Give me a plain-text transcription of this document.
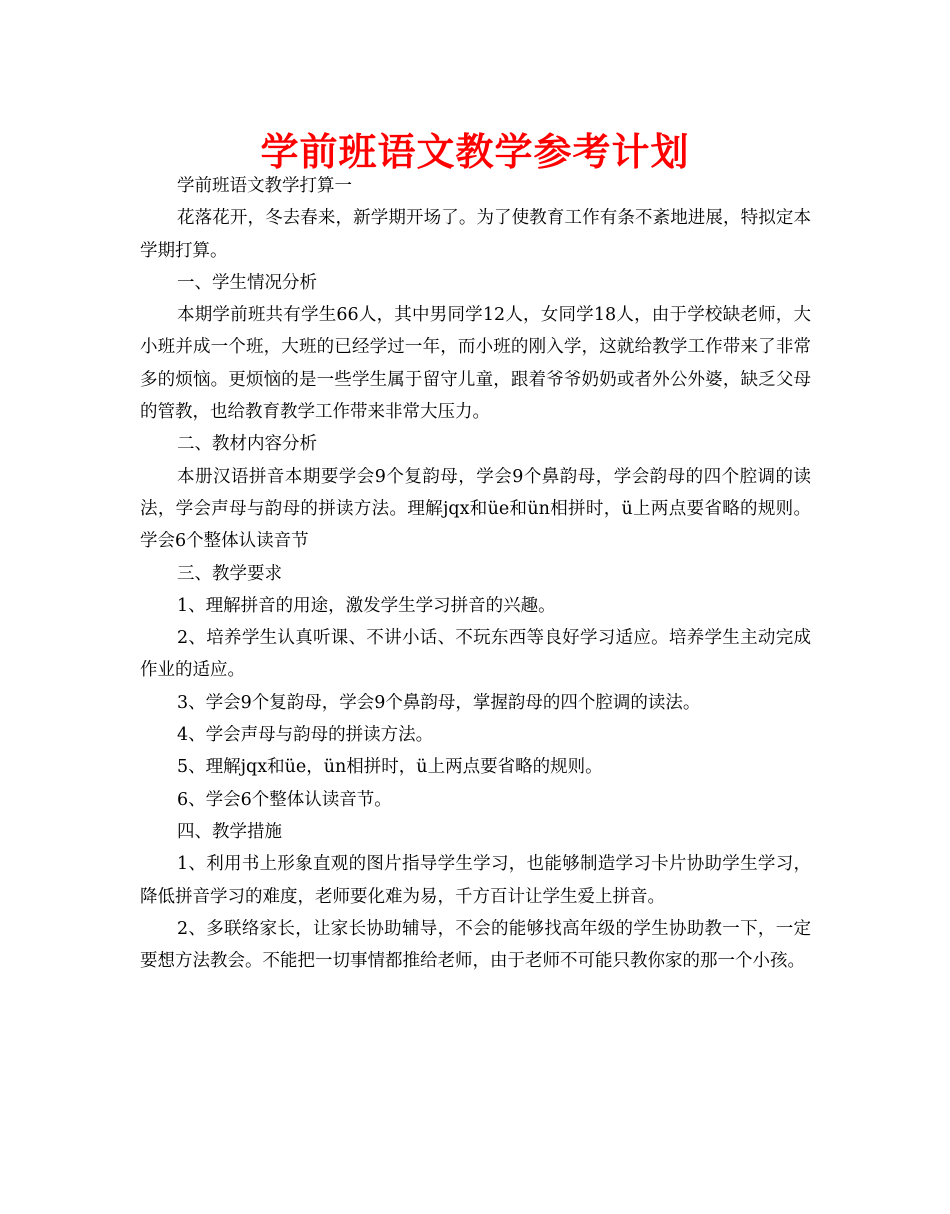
学前班语文教学参考计划

学前班语文教学打算一

花落花开，冬去春来，新学期开场了。为了使教育工作有条不紊地进展，特拟定本学期打算。

一、学生情况分析

本期学前班共有学生66人，其中男同学12人，女同学18人，由于学校缺老师，大小班并成一个班，大班的已经学过一年，而小班的刚入学，这就给教学工作带来了非常多的烦恼。更烦恼的是一些学生属于留守儿童，跟着爷爷奶奶或者外公外婆，缺乏父母的管教，也给教育教学工作带来非常大压力。

二、教材内容分析

本册汉语拼音本期要学会9个复韵母，学会9个鼻韵母，学会韵母的四个腔调的读法，学会声母与韵母的拼读方法。理解jqx和üe和ün相拼时，ü上两点要省略的规则。学会6个整体认读音节

三、教学要求

1、理解拼音的用途，激发学生学习拼音的兴趣。

2、培养学生认真听课、不讲小话、不玩东西等良好学习适应。培养学生主动完成作业的适应。

3、学会9个复韵母，学会9个鼻韵母，掌握韵母的四个腔调的读法。

4、学会声母与韵母的拼读方法。

5、理解jqx和üe，ün相拼时，ü上两点要省略的规则。

6、学会6个整体认读音节。

四、教学措施

1、利用书上形象直观的图片指导学生学习，也能够制造学习卡片协助学生学习，降低拼音学习的难度，老师要化难为易，千方百计让学生爱上拼音。

2、多联络家长，让家长协助辅导，不会的能够找高年级的学生协助教一下，一定要想方法教会。不能把一切事情都推给老师，由于老师不可能只教你家的那一个小孩。
